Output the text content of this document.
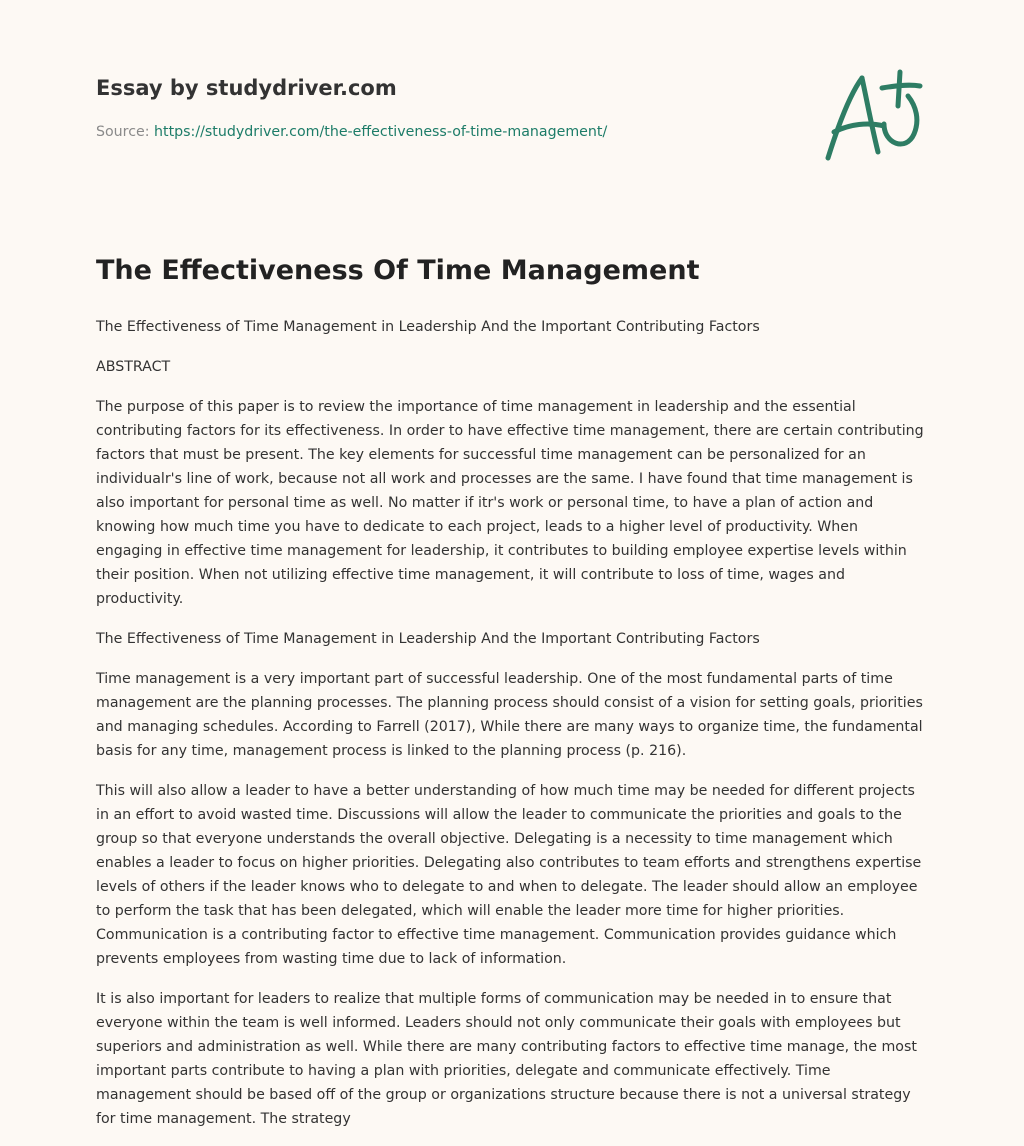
Essay by studydriver.com
Source: https://studydriver.com/the-effectiveness-of-time-management/
The Effectiveness Of Time Management

The Effectiveness of Time Management in Leadership And the Important Contributing Factors

ABSTRACT

The purpose of this paper is to review the importance of time management in leadership and the essential contributing factors for its effectiveness. In order to have effective time management, there are certain contributing factors that must be present. The key elements for successful time management can be personalized for an individualr's line of work, because not all work and processes are the same. I have found that time management is also important for personal time as well. No matter if itr's work or personal time, to have a plan of action and knowing how much time you have to dedicate to each project, leads to a higher level of productivity. When engaging in effective time management for leadership, it contributes to building employee expertise levels within their position. When not utilizing effective time management, it will contribute to loss of time, wages and productivity.

The Effectiveness of Time Management in Leadership And the Important Contributing Factors

Time management is a very important part of successful leadership. One of the most fundamental parts of time management are the planning processes. The planning process should consist of a vision for setting goals, priorities and managing schedules. According to Farrell (2017), While there are many ways to organize time, the fundamental basis for any time, management process is linked to the planning process (p. 216).

This will also allow a leader to have a better understanding of how much time may be needed for different projects in an effort to avoid wasted time. Discussions will allow the leader to communicate the priorities and goals to the group so that everyone understands the overall objective. Delegating is a necessity to time management which enables a leader to focus on higher priorities. Delegating also contributes to team efforts and strengthens expertise levels of others if the leader knows who to delegate to and when to delegate. The leader should allow an employee to perform the task that has been delegated, which will enable the leader more time for higher priorities. Communication is a contributing factor to effective time management. Communication provides guidance which prevents employees from wasting time due to lack of information.

It is also important for leaders to realize that multiple forms of communication may be needed in to ensure that everyone within the team is well informed. Leaders should not only communicate their goals with employees but superiors and administration as well. While there are many contributing factors to effective time manage, the most important parts contribute to having a plan with priorities, delegate and communicate effectively. Time management should be based off of the group or organizations structure because there is not a universal strategy for time management. The strategy
